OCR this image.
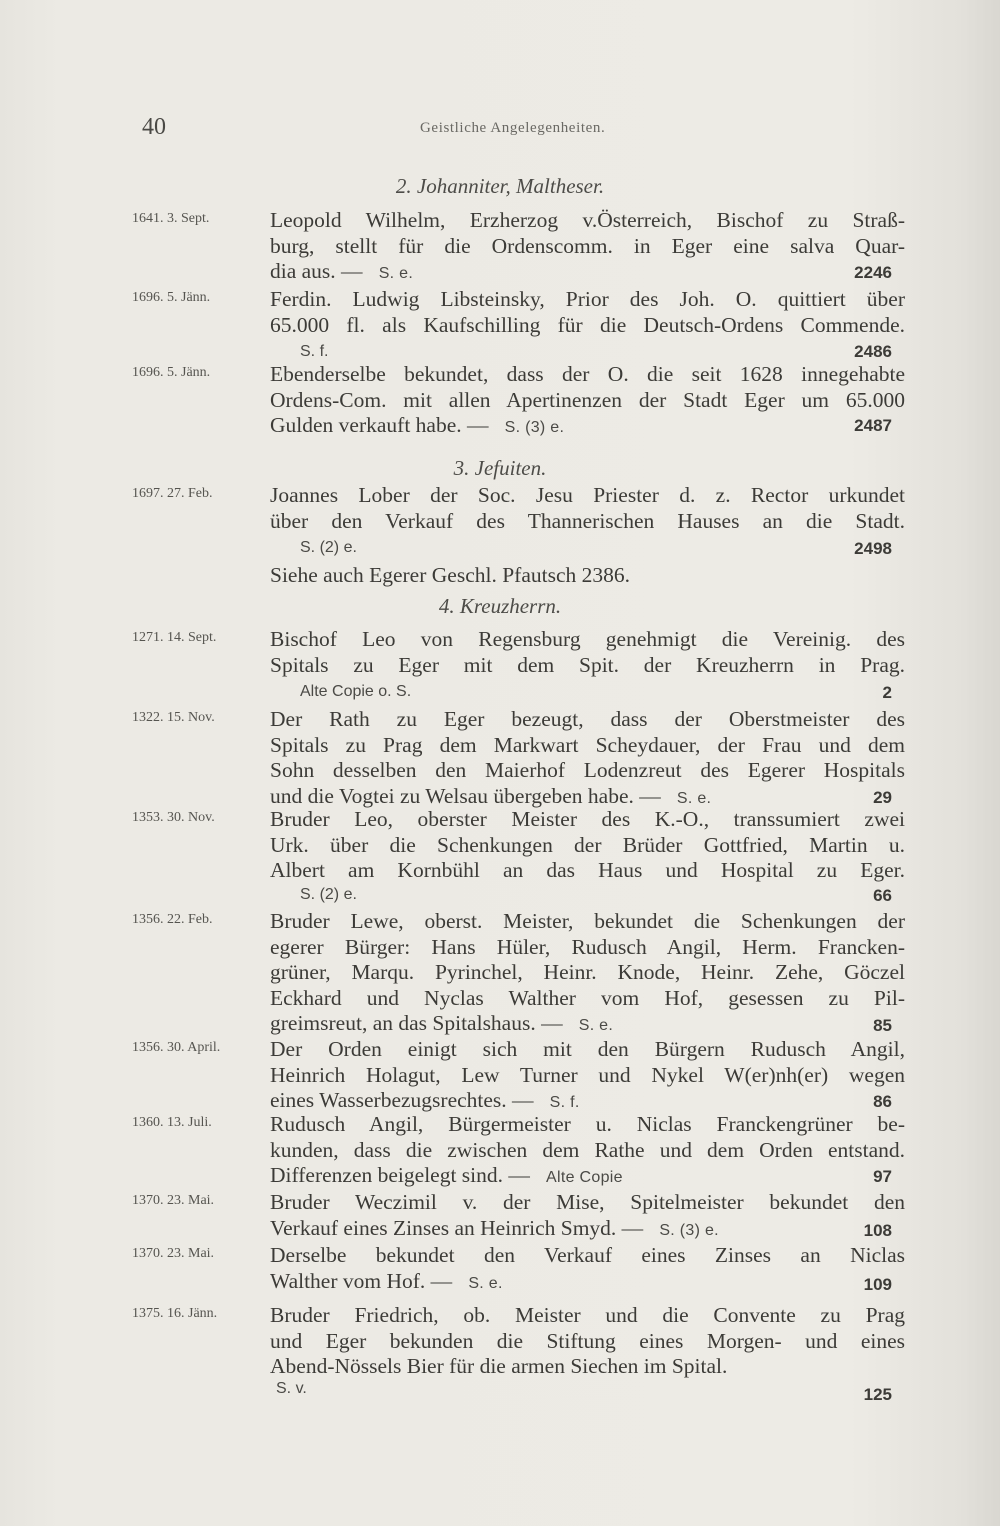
40	Geistliche Angelegenheiten.
2. Johanniter, Maltheser.
1641. 3. Sept.	Leopold Wilhelm, Erzherzog v.Österreich, Bischof zu Straß-
burg, stellt für die Ordenscomm. in Eger eine salva Quar-
dia aus. — S. e.	2246
1696. 5. Jänn.	Ferdin. Ludwig Libsteinsky, Prior des Joh. O. quittiert über
65.000 fl. als Kaufschilling für die Deutsch-Ordens Commende.
S. f.	2486
1696. 5. Jänn.	Ebenderselbe bekundet, dass der O. die seit 1628 innegehabte
Ordens-Com. mit allen Apertinenzen der Stadt Eger um 65.000
Gulden verkauft habe. — S. (3) e.	2487
3. Jefuiten.
1697. 27. Feb.	Joannes Lober der Soc. Jesu Priester d. z. Rector urkundet
über den Verkauf des Thannerischen Hauses an die Stadt.
S. (2) e.	2498
Siehe auch Egerer Geschl. Pfautsch 2386.
4. Kreuzherrn.
1271. 14. Sept.	Bischof Leo von Regensburg genehmigt die Vereinig. des
Spitals zu Eger mit dem Spit. der Kreuzherrn in Prag.
Alte Copie o. S.	2
1322. 15. Nov.	Der Rath zu Eger bezeugt, dass der Oberstmeister des
Spitals zu Prag dem Markwart Scheydauer, der Frau und dem
Sohn desselben den Maierhof Lodenzreut des Egerer Hospitals
und die Vogtei zu Welsau übergeben habe. — S. e.	29
1353. 30. Nov.	Bruder Leo, oberster Meister des K.-O., transsumiert zwei
Urk. über die Schenkungen der Brüder Gottfried, Martin u.
Albert am Kornbühl an das Haus und Hospital zu Eger.
S. (2) e.	66
1356. 22. Feb.	Bruder Lewe, oberst. Meister, bekundet die Schenkungen der
egerer Bürger: Hans Hüler, Rudusch Angil, Herm. Francken-
grüner, Marqu. Pyrinchel, Heinr. Knode, Heinr. Zehe, Göczel
Eckhard und Nyclas Walther vom Hof, gesessen zu Pil-
greimsreut, an das Spitalshaus. — S. e.	85
1356. 30. April.	Der Orden einigt sich mit den Bürgern Rudusch Angil,
Heinrich Holagut, Lew Turner und Nykel W(er)nh(er) wegen
eines Wasserbezugsrechtes. — S. f.	86
1360. 13. Juli.	Rudusch Angil, Bürgermeister u. Niclas Franckengrüner be-
kunden, dass die zwischen dem Rathe und dem Orden entstand.
Differenzen beigelegt sind. — Alte Copie	97
1370. 23. Mai.	Bruder Weczimil v. der Mise, Spitelmeister bekundet den
Verkauf eines Zinses an Heinrich Smyd. — S. (3) e.	108
1370. 23. Mai.	Derselbe bekundet den Verkauf eines Zinses an Niclas
Walther vom Hof. — S. e.	109
1375. 16. Jänn.	Bruder Friedrich, ob. Meister und die Convente zu Prag
und Eger bekunden die Stiftung eines Morgen- und eines
Abend-Nössels Bier für die armen Siechen im Spital.
S. v.	125
